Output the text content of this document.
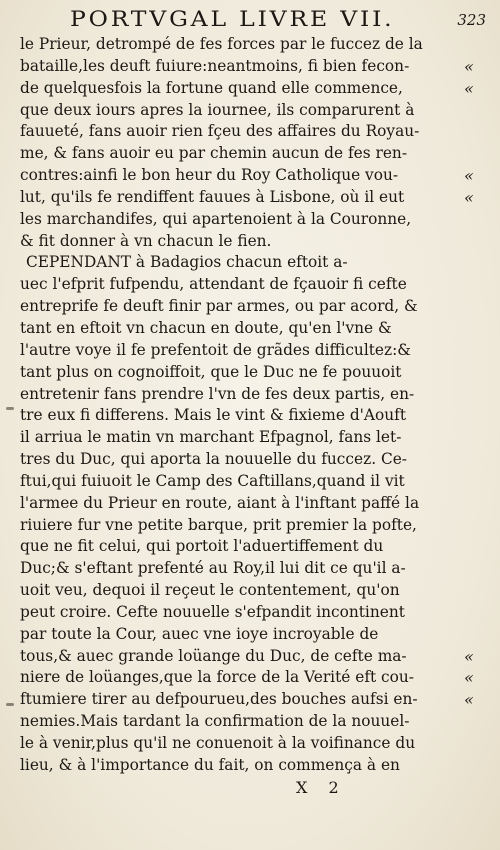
PORTVGAL LIVRE VII.	323
le Prieur, detrompé de fes forces par le fuccez de la
bataille,les deuft fuiure:neantmoins, fi bien fecon-
de quelquesfois la fortune quand elle commence,
que deux iours apres la iournee, ils comparurent à
fauueté, fans auoir rien fçeu des affaires du Royau-
me, & fans auoir eu par chemin aucun de fes ren-
contres:ainfi le bon heur du Roy Catholique vou-
lut, qu'ils fe rendiffent fauues à Lisbone, où il eut
les marchandifes, qui apartenoient à la Couronne,
& fit donner à vn chacun le fien.
CEPENDANT à Badagios chacun eftoit a-
uec l'efprit fufpendu, attendant de fçauoir fi cefte
entreprife fe deuft finir par armes, ou par acord, &
tant en eftoit vn chacun en doute, qu'en l'vne &
l'autre voye il fe prefentoit de grãdes difficultez:&
tant plus on cognoiffoit, que le Duc ne fe pouuoit
entretenir fans prendre l'vn de fes deux partis, en-
tre eux fi differens. Mais le vint & fixieme d'Aouft
il arriua le matin vn marchant Efpagnol, fans let-
tres du Duc, qui aporta la nouuelle du fuccez. Ce-
ftui,qui fuiuoit le Camp des Caftillans,quand il vit
l'armee du Prieur en route, aiant à l'inftant paffé la
riuiere fur vne petite barque, prit premier la pofte,
que ne fit celui, qui portoit l'aduertiffement du
Duc;& s'eftant prefenté au Roy,il lui dit ce qu'il a-
uoit veu, dequoi il reçeut le contentement, qu'on
peut croire. Cefte nouuelle s'efpandit incontinent
par toute la Cour, auec vne ioye incroyable de
tous,& auec grande loüange du Duc, de cefte ma-
niere de loüanges,que la force de la Verité eft cou-
ftumiere tirer au defpourueu,des bouches aufsi en-
nemies.Mais tardant la confirmation de la nouuel-
le à venir,plus qu'il ne conuenoit à la voifinance du
lieu, & à l'importance du fait, on commença à en
«
«
«
«
«
«
«
X 2
